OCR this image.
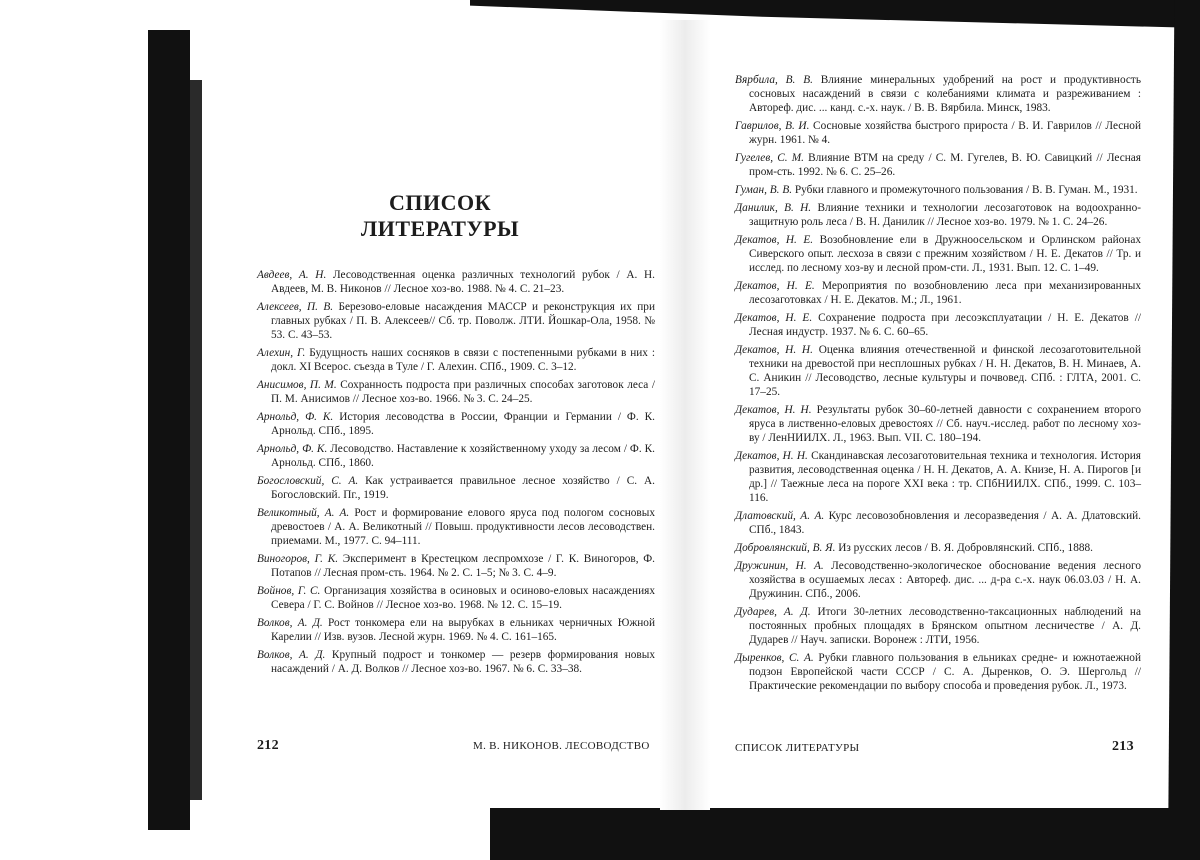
СПИСОК
ЛИТЕРАТУРЫ

Авдеев, А. Н. Лесоводственная оценка различных технологий рубок / А. Н. Авдеев, М. В. Никонов // Лесное хоз-во. 1988. № 4. С. 21–23.

Алексеев, П. В. Березово-еловые насаждения МАССР и реконструкция их при главных рубках / П. В. Алексеев// Сб. тр. Поволж. ЛТИ. Йошкар-Ола, 1958. № 53. С. 43–53.

Алехин, Г. Будущность наших сосняков в связи с постепенными рубками в них : докл. XI Всерос. съезда в Туле / Г. Алехин. СПб., 1909. С. 3–12.

Анисимов, П. М. Сохранность подроста при различных способах заготовок леса / П. М. Анисимов // Лесное хоз-во. 1966. № 3. С. 24–25.

Арнольд, Ф. К. История лесоводства в России, Франции и Германии / Ф. К. Арнольд. СПб., 1895.

Арнольд, Ф. К. Лесоводство. Наставление к хозяйственному уходу за лесом / Ф. К. Арнольд. СПб., 1860.

Богословский, С. А. Как устраивается правильное лесное хозяйство / С. А. Богословский. Пг., 1919.

Великотный, А. А. Рост и формирование елового яруса под пологом сосновых древостоев / А. А. Великотный // Повыш. продуктивности лесов лесоводствен. приемами. М., 1977. С. 94–111.

Виногоров, Г. К. Эксперимент в Крестецком леспромхозе / Г. К. Виногоров, Ф. Потапов // Лесная пром-сть. 1964. № 2. С. 1–5; № 3. С. 4–9.

Войнов, Г. С. Организация хозяйства в осиновых и осиново-еловых насаждениях Севера / Г. С. Войнов // Лесное хоз-во. 1968. № 12. С. 15–19.

Волков, А. Д. Рост тонкомера ели на вырубках в ельниках черничных Южной Карелии // Изв. вузов. Лесной журн. 1969. № 4. С. 161–165.

Волков, А. Д. Крупный подрост и тонкомер — резерв формирования новых насаждений / А. Д. Волков // Лесное хоз-во. 1967. № 6. С. 33–38.

212	М. В. НИКОНОВ. ЛЕСОВОДСТВО

Вярбила, В. В. Влияние минеральных удобрений на рост и продуктивность сосновых насаждений в связи с колебаниями климата и разреживанием : Автореф. дис. ... канд. с.-х. наук. / В. В. Вярбила. Минск, 1983.

Гаврилов, В. И. Сосновые хозяйства быстрого прироста / В. И. Гаврилов // Лесной журн. 1961. № 4.

Гугелев, С. М. Влияние ВТМ на среду / С. М. Гугелев, В. Ю. Савицкий // Лесная пром-сть. 1992. № 6. С. 25–26.

Гуман, В. В. Рубки главного и промежуточного пользования / В. В. Гуман. М., 1931.

Данилик, В. Н. Влияние техники и технологии лесозаготовок на водоохранно-защитную роль леса / В. Н. Данилик // Лесное хоз-во. 1979. № 1. С. 24–26.

Декатов, Н. Е. Возобновление ели в Дружноосельском и Орлинском районах Сиверского опыт. лесхоза в связи с прежним хозяйством / Н. Е. Декатов // Тр. и исслед. по лесному хоз-ву и лесной пром-сти. Л., 1931. Вып. 12. С. 1–49.

Декатов, Н. Е. Мероприятия по возобновлению леса при механизированных лесозаготовках / Н. Е. Декатов. М.; Л., 1961.

Декатов, Н. Е. Сохранение подроста при лесоэксплуатации / Н. Е. Декатов // Лесная индустр. 1937. № 6. С. 60–65.

Декатов, Н. Н. Оценка влияния отечественной и финской лесозаготовительной техники на древостой при несплошных рубках / Н. Н. Декатов, В. Н. Минаев, А. С. Аникин // Лесоводство, лесные культуры и почвовед. СПб. : ГЛТА, 2001. С. 17–25.

Декатов, Н. Н. Результаты рубок 30–60-летней давности с сохранением второго яруса в лиственно-еловых древостоях // Сб. науч.-исслед. работ по лесному хоз-ву / ЛенНИИЛХ. Л., 1963. Вып. VII. С. 180–194.

Декатов, Н. Н. Скандинавская лесозаготовительная техника и технология. История развития, лесоводственная оценка / Н. Н. Декатов, А. А. Книзе, Н. А. Пирогов [и др.] // Таежные леса на пороге XXI века : тр. СПбНИИЛХ. СПб., 1999. С. 103–116.

Длатовский, А. А. Курс лесовозобновления и лесоразведения / А. А. Длатовский. СПб., 1843.

Добровлянский, В. Я. Из русских лесов / В. Я. Добровлянский. СПб., 1888.

Дружинин, Н. А. Лесоводственно-экологическое обоснование ведения лесного хозяйства в осушаемых лесах : Автореф. дис. ... д-ра с.-х. наук 06.03.03 / Н. А. Дружинин. СПб., 2006.

Дударев, А. Д. Итоги 30-летних лесоводственно-таксационных наблюдений на постоянных пробных площадях в Брянском опытном лесничестве / А. Д. Дударев // Науч. записки. Воронеж : ЛТИ, 1956.

Дыренков, С. А. Рубки главного пользования в ельниках средне- и южнотаежной подзон Европейской части СССР / С. А. Дыренков, О. Э. Шергольд // Практические рекомендации по выбору способа и проведения рубок. Л., 1973.

СПИСОК ЛИТЕРАТУРЫ	213
